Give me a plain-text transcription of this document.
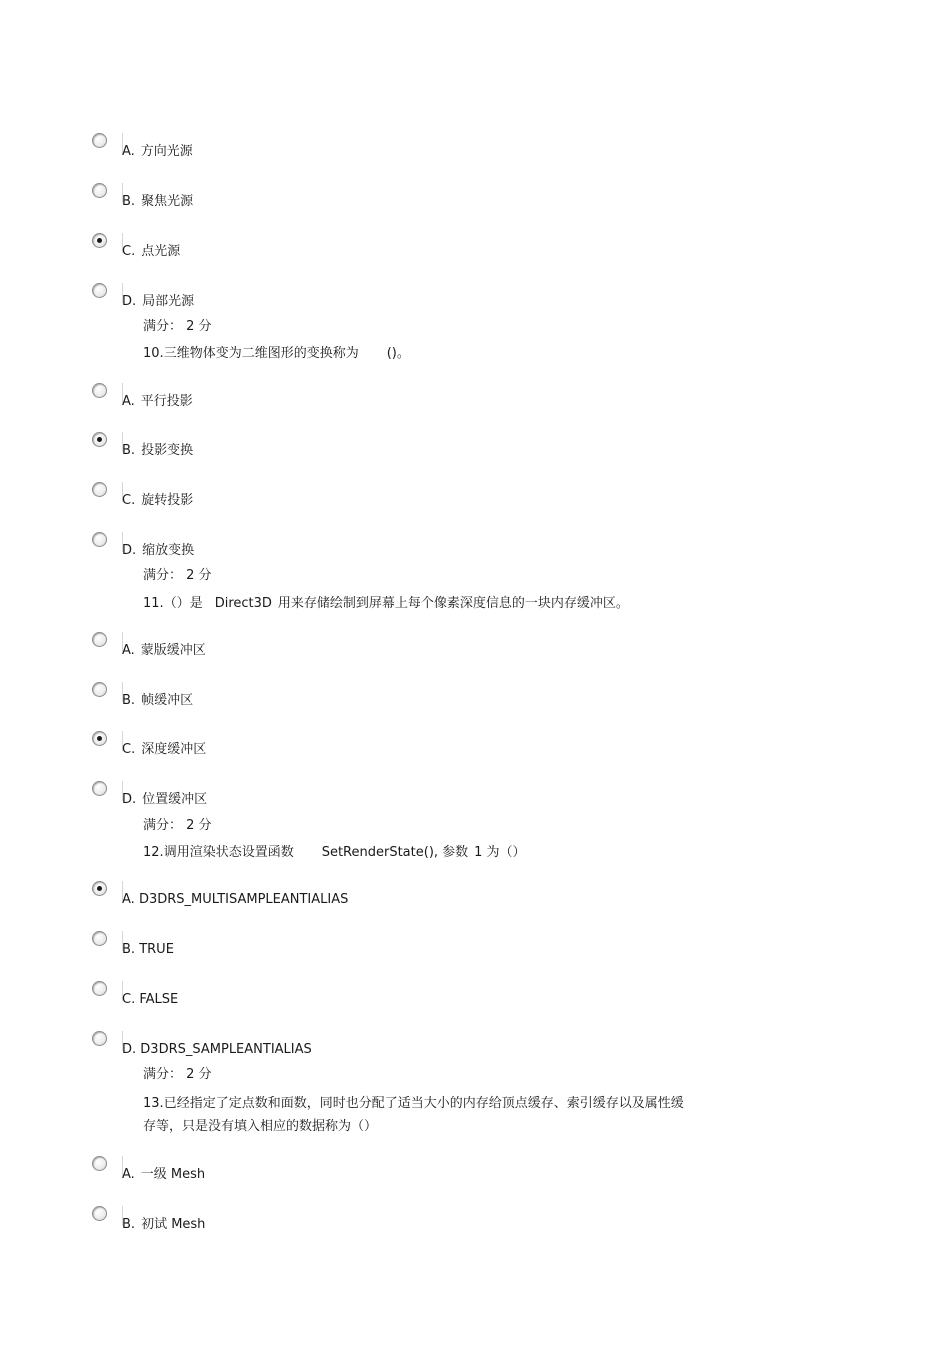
A. 方向光源
B. 聚焦光源
C. 点光源
D. 局部光源
满分： 2 分
10.三维物体变为二维图形的变换称为 ()。
A. 平行投影
B. 投影变换
C. 旋转投影
D. 缩放变换
满分： 2 分
11.（）是 Direct3D 用来存储绘制到屏幕上每个像素深度信息的一块内存缓冲区。
A. 蒙版缓冲区
B. 帧缓冲区
C. 深度缓冲区
D. 位置缓冲区
满分： 2 分
12.调用渲染状态设置函数 SetRenderState(), 参数 1 为（）
A. D3DRS_MULTISAMPLEANTIALIAS
B. TRUE
C. FALSE
D. D3DRS_SAMPLEANTIALIAS
满分： 2 分
13.已经指定了定点数和面数，同时也分配了适当大小的内存给顶点缓存、索引缓存以及属性缓
存等，只是没有填入相应的数据称为（）
A. 一级 Mesh
B. 初试 Mesh
